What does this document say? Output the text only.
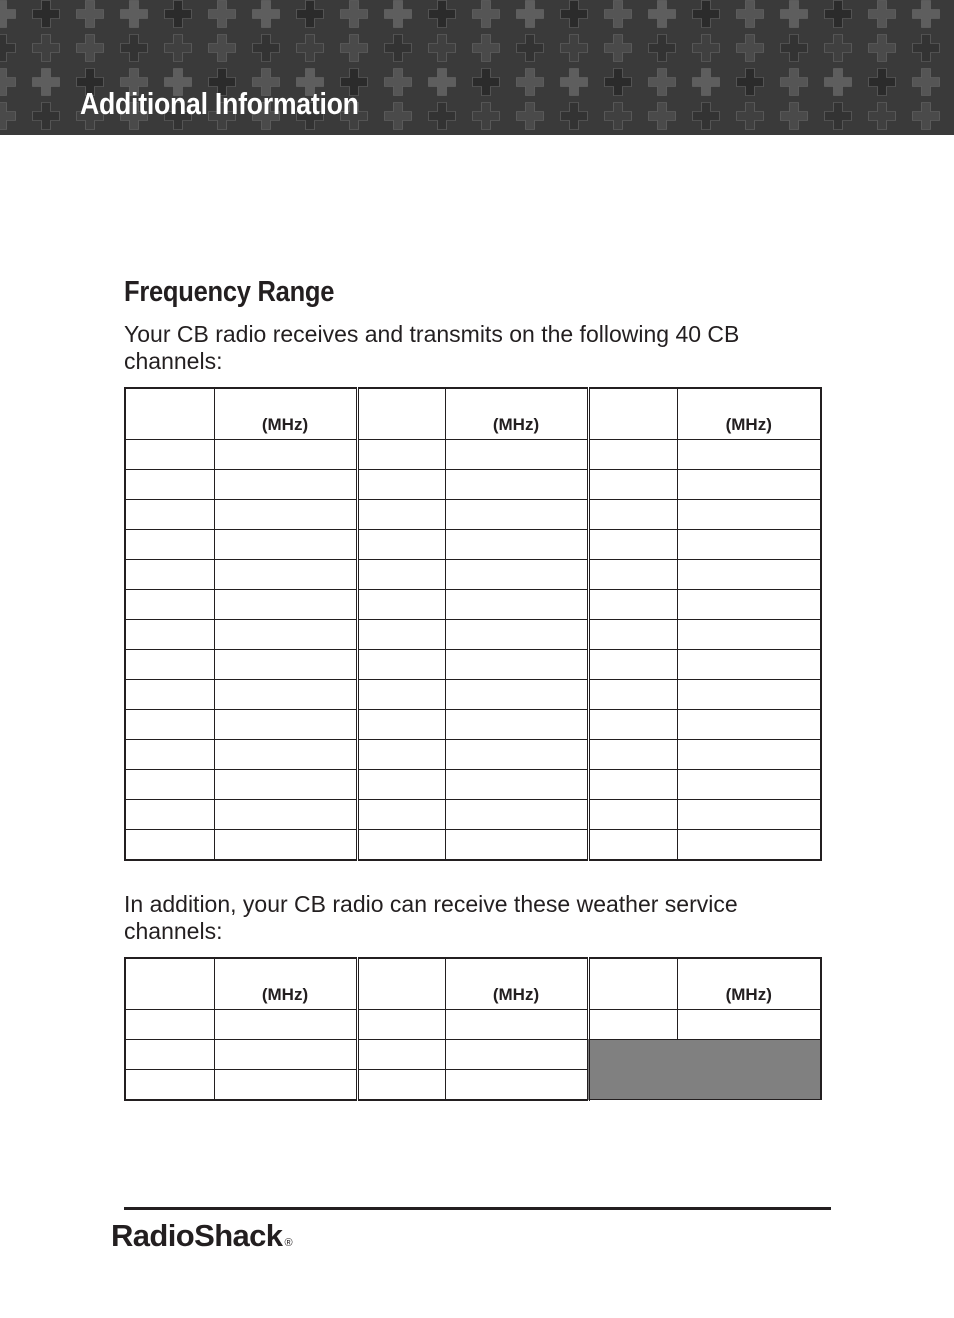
Additional Information
Frequency Range
Your CB radio receives and transmits on the following 40 CB channels:
	(MHz)		(MHz)		(MHz)

In addition, your CB radio can receive these weather service channels:
	(MHz)		(MHz)		(MHz)

RadioShack ®
